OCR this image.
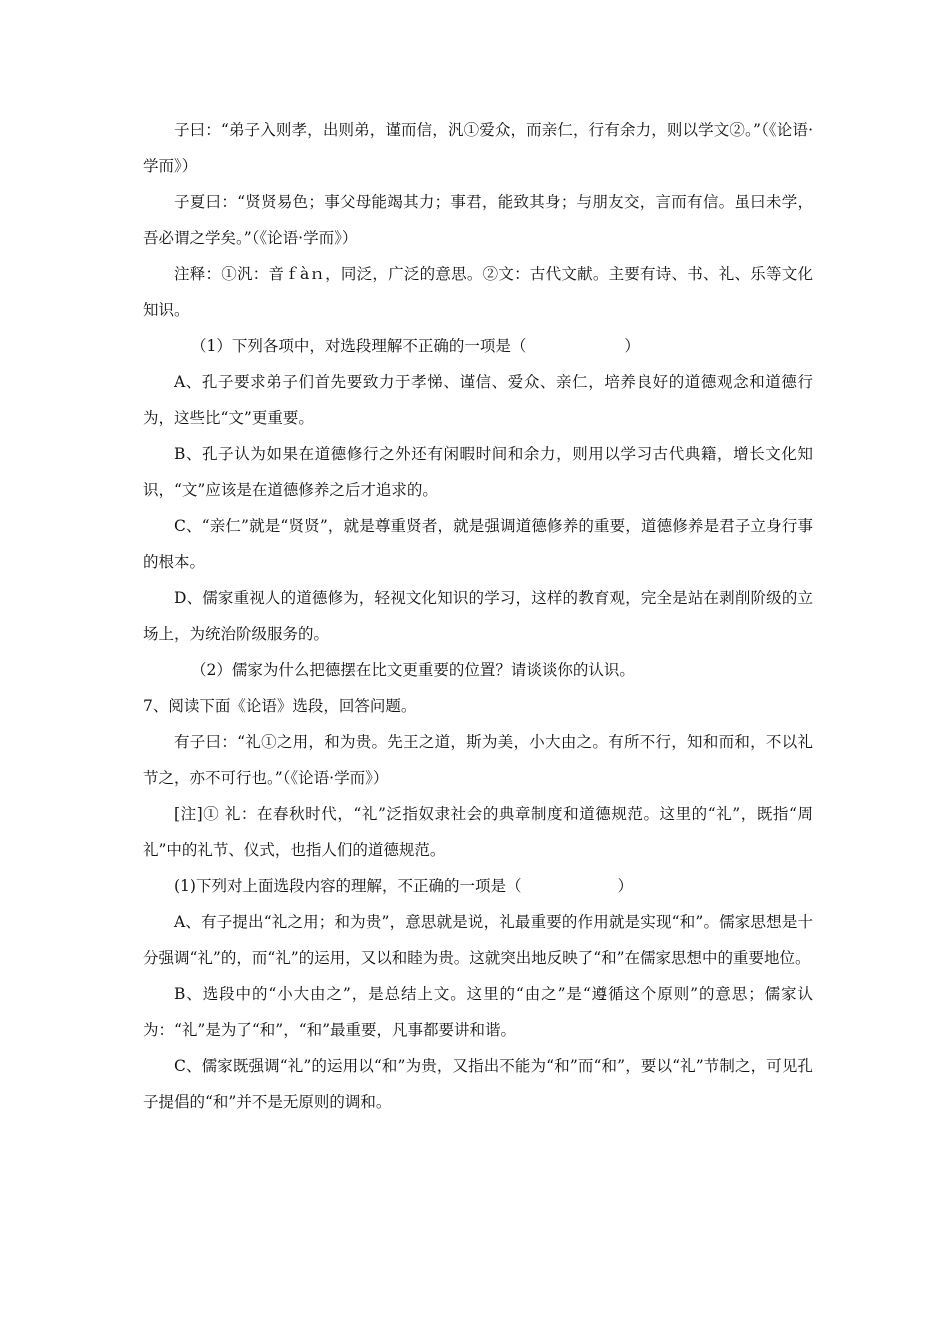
子曰：“弟子入则孝，出则弟，谨而信，汎①爱众，而亲仁，行有余力，则以学文②。”（《论语·学而》）

子夏曰：“贤贤易色；事父母能竭其力；事君，能致其身；与朋友交，言而有信。虽曰未学，吾必谓之学矣。”（《论语·学而》）

注释：①汎：音ｆàｎ，同泛，广泛的意思。②文：古代文献。主要有诗、书、礼、乐等文化知识。

（1）下列各项中，对选段理解不正确的一项是（	）

A、孔子要求弟子们首先要致力于孝悌、谨信、爱众、亲仁，培养良好的道德观念和道德行为，这些比“文”更重要。

B、孔子认为如果在道德修行之外还有闲暇时间和余力，则用以学习古代典籍，增长文化知识，“文”应该是在道德修养之后才追求的。

C、“亲仁”就是“贤贤”，就是尊重贤者，就是强调道德修养的重要，道德修养是君子立身行事的根本。

D、儒家重视人的道德修为，轻视文化知识的学习，这样的教育观，完全是站在剥削阶级的立场上，为统治阶级服务的。

（2）儒家为什么把德摆在比文更重要的位置？请谈谈你的认识。

7、阅读下面《论语》选段，回答问题。

有子曰：“礼①之用，和为贵。先王之道，斯为美，小大由之。有所不行，知和而和，不以礼节之，亦不可行也。”（《论语·学而》）

[注]① 礼：在春秋时代，“礼”泛指奴隶社会的典章制度和道德规范。这里的“礼”，既指“周礼”中的礼节、仪式，也指人们的道德规范。

(1)下列对上面选段内容的理解，不正确的一项是（	）

A、有子提出“礼之用；和为贵”，意思就是说，礼最重要的作用就是实现“和”。儒家思想是十分强调“礼”的，而“礼”的运用，又以和睦为贵。这就突出地反映了“和”在儒家思想中的重要地位。

B、选段中的“小大由之”，是总结上文。这里的“由之”是“遵循这个原则”的意思；儒家认为：“礼”是为了“和”，“和”最重要，凡事都要讲和谐。

C、儒家既强调“礼”的运用以“和”为贵，又指出不能为“和”而“和”，要以“礼”节制之，可见孔子提倡的“和”并不是无原则的调和。
